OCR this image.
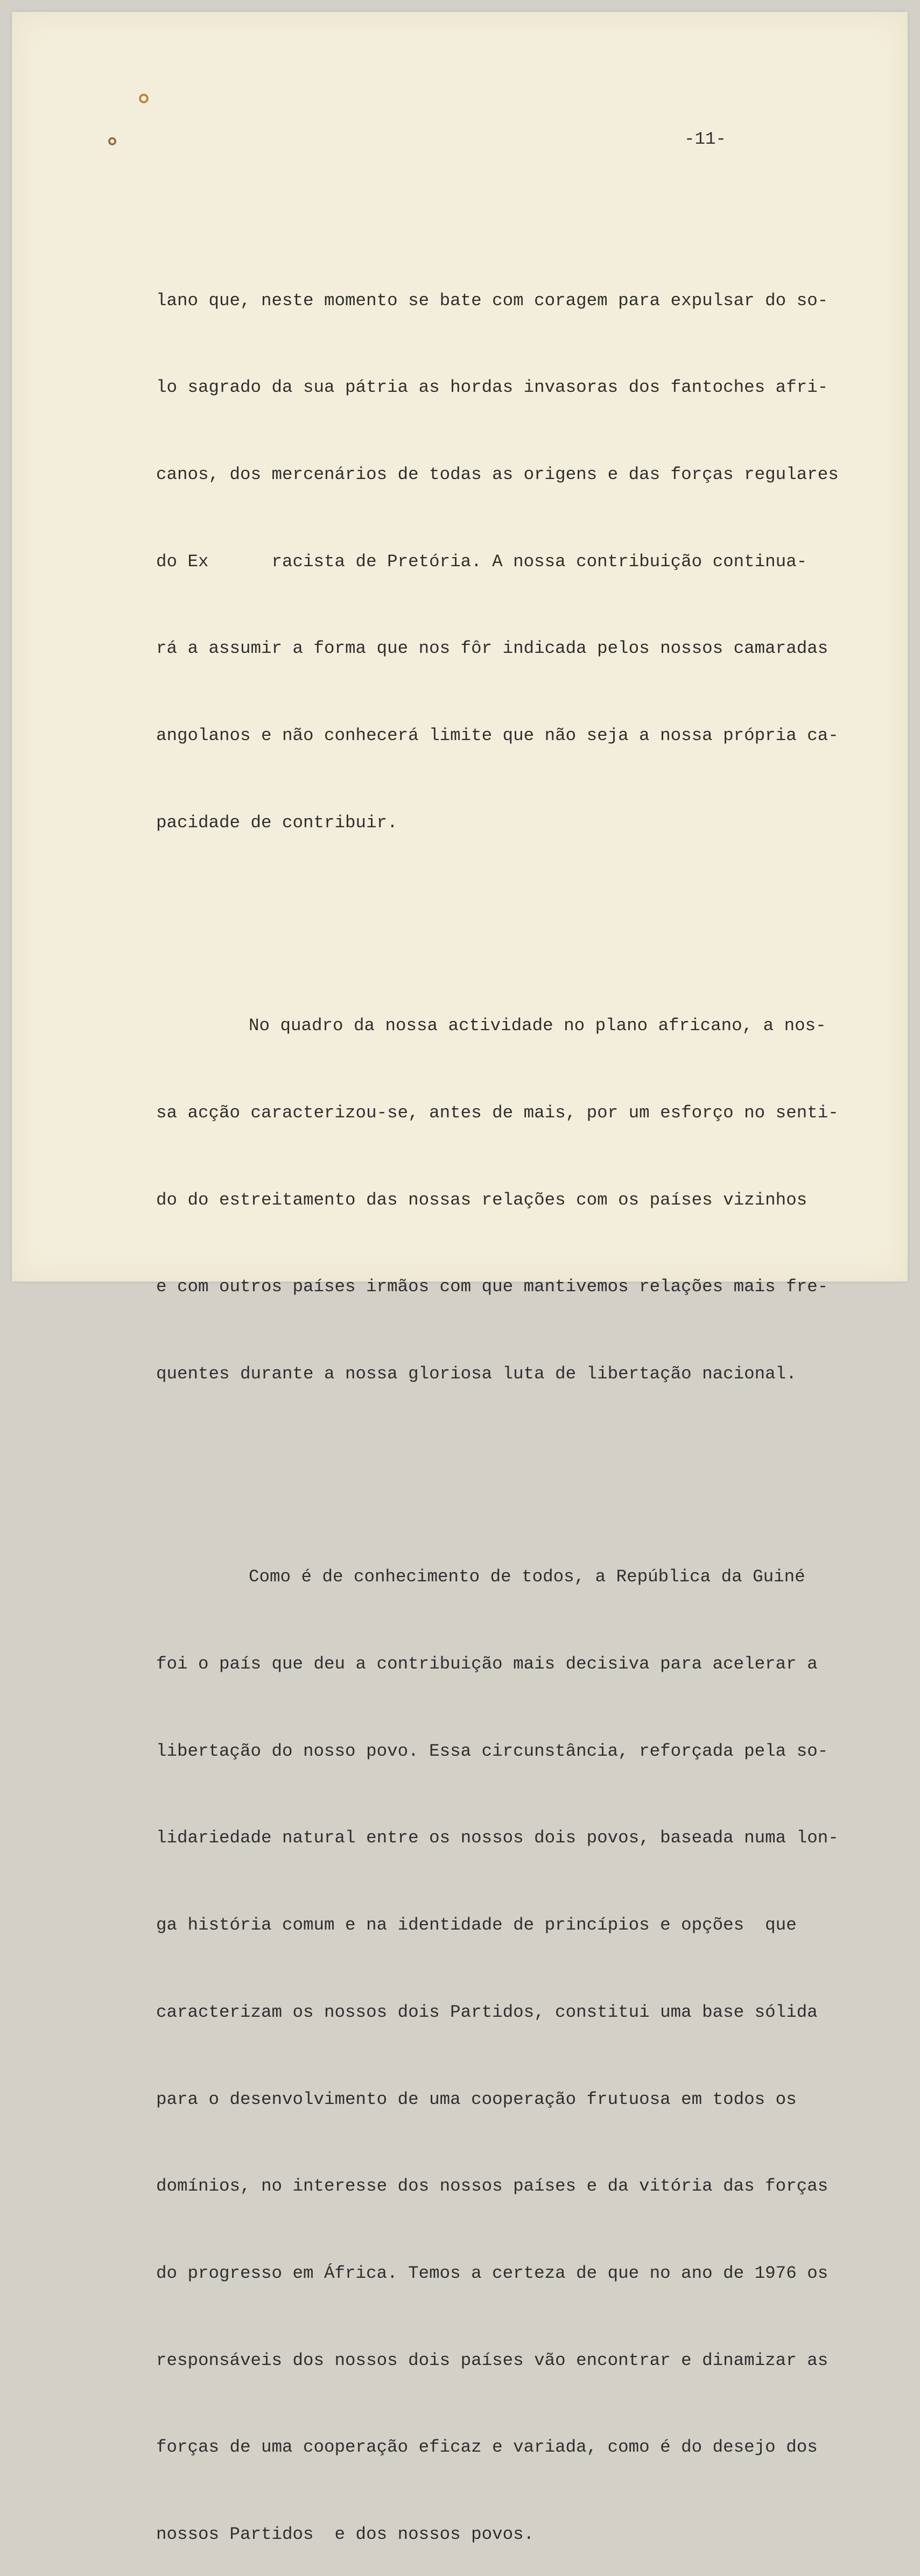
-11-

lano que, neste momento se bate com coragem para expulsar do so-

lo sagrado da sua pátria as hordas invasoras dos fantoches afri-

canos, dos mercenários de todas as origens e das forças regulares

do Ex      racista de Pretória. A nossa contribuição continua-

rá a assumir a forma que nos fôr indicada pelos nossos camaradas

angolanos e não conhecerá limite que não seja a nossa própria ca-

pacidade de contribuir.

No quadro da nossa actividade no plano africano, a nos-

sa acção caracterizou-se, antes de mais, por um esforço no senti-

do do estreitamento das nossas relações com os países vizinhos

e com outros países irmãos com que mantivemos relações mais fre-

quentes durante a nossa gloriosa luta de libertação nacional.

Como é de conhecimento de todos, a República da Guiné

foi o país que deu a contribuição mais decisiva para acelerar a

libertação do nosso povo. Essa circunstância, reforçada pela so-

lidariedade natural entre os nossos dois povos, baseada numa lon-

ga história comum e na identidade de princípios e opções  que

caracterizam os nossos dois Partidos, constitui uma base sólida

para o desenvolvimento de uma cooperação frutuosa em todos os

domínios, no interesse dos nossos países e da vitória das forças

do progresso em África. Temos a certeza de que no ano de 1976 os

responsáveis dos nossos dois países vão encontrar e dinamizar as

forças de uma cooperação eficaz e variada, como é do desejo dos

nossos Partidos  e dos nossos povos.
